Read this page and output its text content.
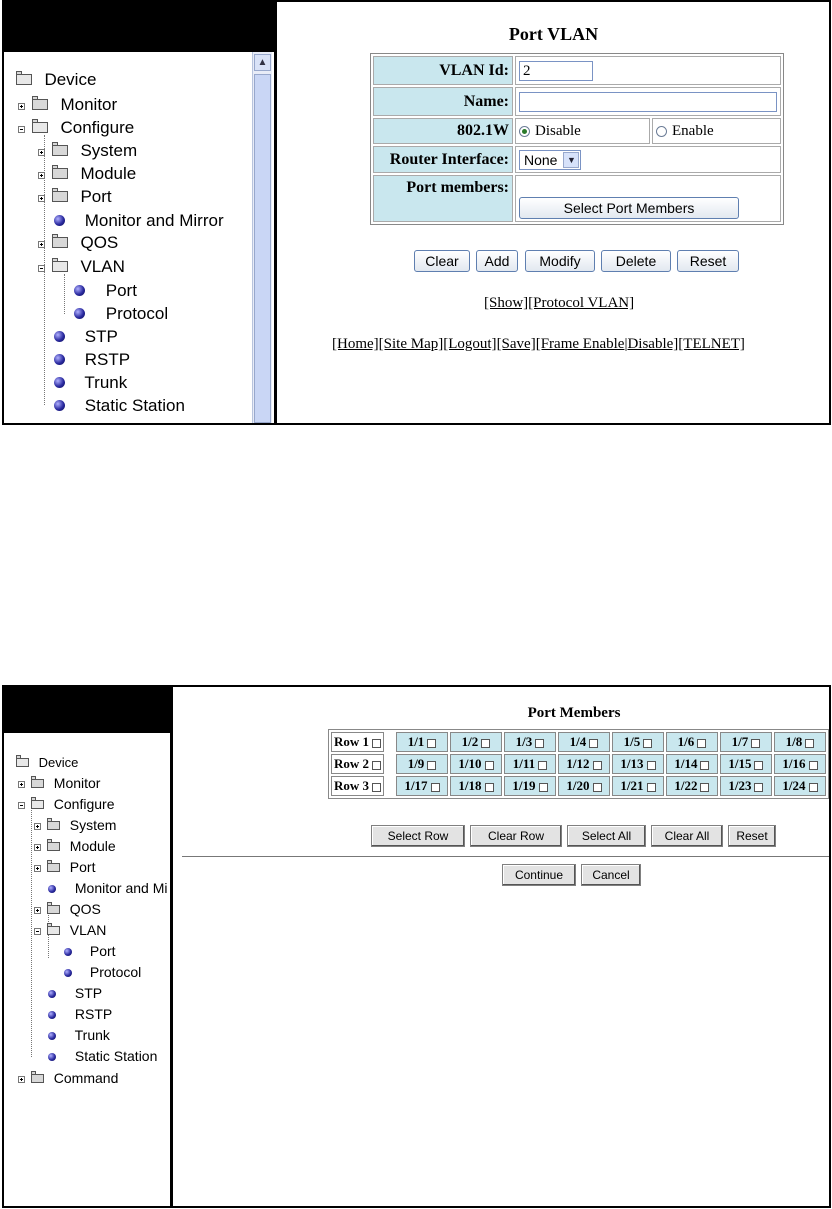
▲
Device
Monitor
Configure
System
Module
Port
Monitor and Mirror
QOS
VLAN
Port
Protocol
STP
RSTP
Trunk
Static Station
Port VLAN
VLAN Id:	2	

Name:		

802.1W	Disable	Enable
Router Interface:	None ▼	

Port members:	Select Port Members	
Clear	Add	Modify	Delete	Reset
[Show][Protocol VLAN]
[Home][Site Map][Logout][Save][Frame Enable|Disable][TELNET]
Device
Monitor
Configure
System
Module
Port
Monitor and Mi
QOS
VLAN
Port
Protocol
STP
RSTP
Trunk
Static Station
Command
Port Members
Row 1		1/1	1/2	1/3	1/4	1/5	1/6	1/7	1/8
Row 2		1/9	1/10	1/11	1/12	1/13	1/14	1/15	1/16
Row 3		1/17	1/18	1/19	1/20	1/21	1/22	1/23	1/24
Select Row	Clear Row	Select All	Clear All	Reset
Continue	Cancel
